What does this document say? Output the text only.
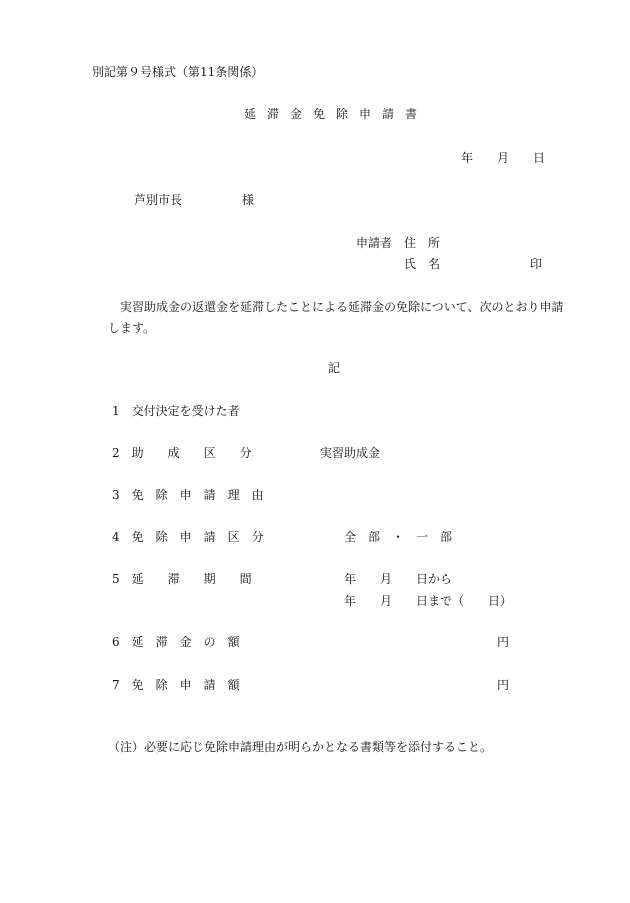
別記第９号様式（第11条関係）
延滞金免除申請書
年　　月　　日
芦別市長　　　　　様
申請者　住　所
氏　名	印
実習助成金の返還金を延滞したことによる延滞金の免除について、次のとおり申請します。
記
1　交付決定を受けた者
2　助　　成　　区　　分	実習助成金
3　免　除　申　請　理　由
4　免　除　申　請　区　分	全　部　・　一　部
5　延　　滞　　期　　間	年　　月　　日から
年　　月　　日まで（　　日）
6　延　滞　金　の　額	円
7　免　除　申　請　額	円
（注）必要に応じ免除申請理由が明らかとなる書類等を添付すること。
